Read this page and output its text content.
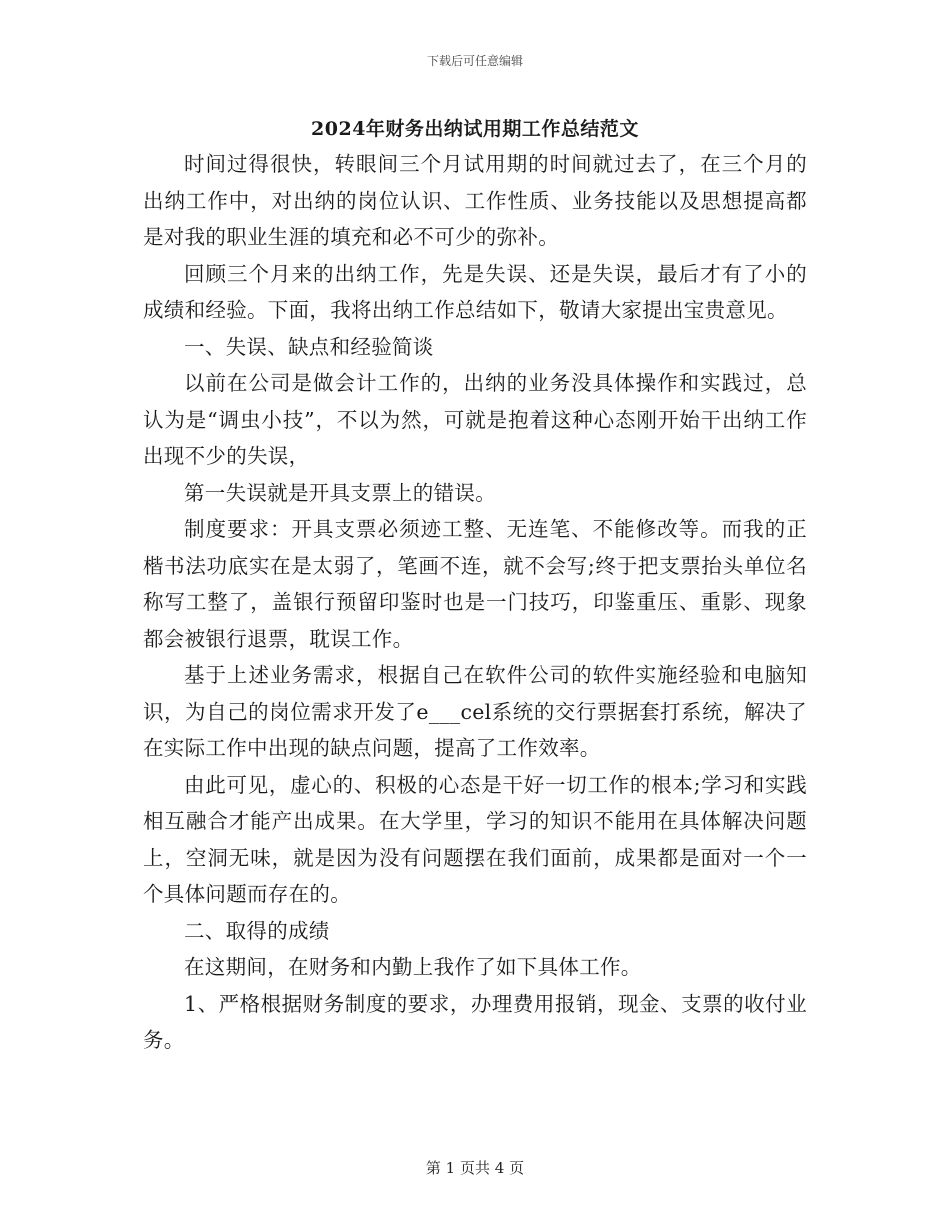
下载后可任意编辑
2024年财务出纳试用期工作总结范文

时间过得很快，转眼间三个月试用期的时间就过去了，在三个月的出纳工作中，对出纳的岗位认识、工作性质、业务技能以及思想提高都是对我的职业生涯的填充和必不可少的弥补。

回顾三个月来的出纳工作，先是失误、还是失误，最后才有了小的成绩和经验。下面，我将出纳工作总结如下，敬请大家提出宝贵意见。

一、失误、缺点和经验简谈

以前在公司是做会计工作的，出纳的业务没具体操作和实践过，总认为是“调虫小技”，不以为然，可就是抱着这种心态刚开始干出纳工作出现不少的失误，

第一失误就是开具支票上的错误。

制度要求：开具支票必须迹工整、无连笔、不能修改等。而我的正楷书法功底实在是太弱了，笔画不连，就不会写;终于把支票抬头单位名称写工整了，盖银行预留印鉴时也是一门技巧，印鉴重压、重影、现象都会被银行退票，耽误工作。

基于上述业务需求，根据自己在软件公司的软件实施经验和电脑知识，为自己的岗位需求开发了e___cel系统的交行票据套打系统，解决了在实际工作中出现的缺点问题，提高了工作效率。

由此可见，虚心的、积极的心态是干好一切工作的根本;学习和实践相互融合才能产出成果。在大学里，学习的知识不能用在具体解决问题上，空洞无味，就是因为没有问题摆在我们面前，成果都是面对一个一个具体问题而存在的。

二、取得的成绩

在这期间，在财务和内勤上我作了如下具体工作。

1、严格根据财务制度的要求，办理费用报销，现金、支票的收付业务。

第 1 页共 4 页
